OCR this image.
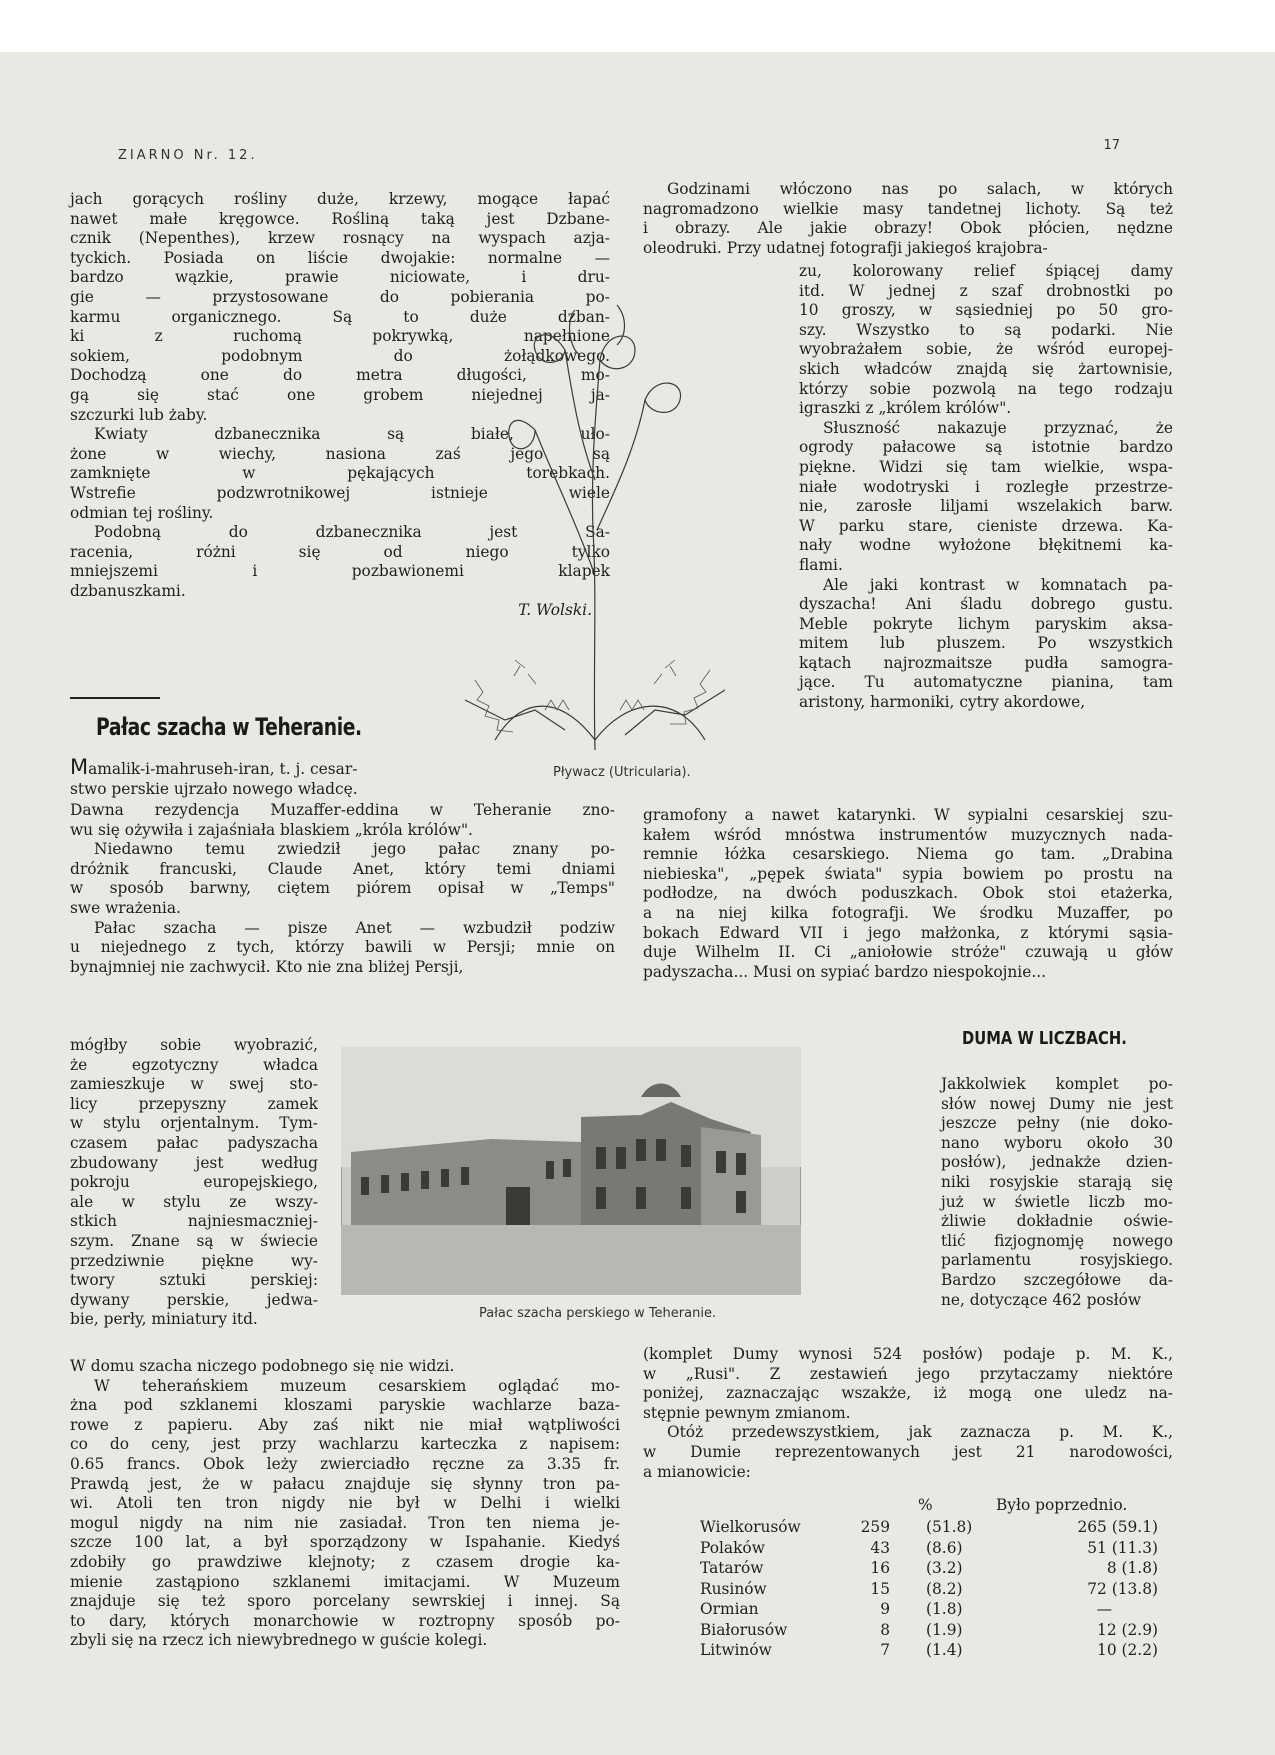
ZIARNO Nr. 12.
17

jach gorących rośliny duże, krzewy, mogące łapać

nawet małe kręgowce. Rośliną taką jest Dzbane-

cznik (Nepenthes), krzew rosnący na wyspach azja-

tyckich. Posiada on liście dwojakie: normalne —

bardzo wązkie, prawie niciowate, i dru-

gie — przystosowane do pobierania po-

karmu organicznego. Są to duże dzban-

ki z ruchomą pokrywką, napełnione

sokiem, podobnym do żołądkowego.

Dochodzą one do metra długości, mo-

gą się stać one grobem niejednej ja-

szczurki lub żaby.

Kwiaty dzbanecznika są białe, uło-

żone w wiechy, nasiona zaś jego są

zamknięte w pękających torebkach.

Wstrefie podzwrotnikowej istnieje wiele

odmian tej rośliny.

Podobną do dzbanecznika jest Sa-

racenia, różni się od niego tylko

mniejszemi i pozbawionemi klapek

dzbanuszkami.

T. Wolski.

Pływacz (Utricularia).
Pałac szacha w Teheranie.

Mamalik-i-mahruseh-iran, t. j. cesar-

stwo perskie ujrzało nowego władcę.

Dawna rezydencja Muzaffer-eddina w Teheranie zno-

wu się ożywiła i zajaśniała blaskiem „króla królów".

Niedawno temu zwiedził jego pałac znany po-

dróżnik francuski, Claude Anet, który temi dniami

w sposób barwny, ciętem piórem opisał w „Temps"

swe wrażenia.

Pałac szacha — pisze Anet — wzbudził podziw

u niejednego z tych, którzy bawili w Persji; mnie on

bynajmniej nie zachwycił. Kto nie zna bliżej Persji,

mógłby sobie wyobrazić,

że egzotyczny władca

zamieszkuje w swej sto-

licy przepyszny zamek

w stylu orjentalnym. Tym-

czasem pałac padyszacha

zbudowany jest według

pokroju europejskiego,

ale w stylu ze wszy-

stkich najniesmaczniej-

szym. Znane są w świecie

przedziwnie piękne wy-

twory sztuki perskiej:

dywany perskie, jedwa-

bie, perły, miniatury itd.	Pałac szacha perskiego w Teheranie.

W domu szacha niczego podobnego się nie widzi.

W teherańskiem muzeum cesarskiem oglądać mo-

żna pod szklanemi kloszami paryskie wachlarze baza-

rowe z papieru. Aby zaś nikt nie miał wątpliwości

co do ceny, jest przy wachlarzu karteczka z napisem:

0.65 francs. Obok leży zwierciadło ręczne za 3.35 fr.

Prawdą jest, że w pałacu znajduje się słynny tron pa-

wi. Atoli ten tron nigdy nie był w Delhi i wielki

mogul nigdy na nim nie zasiadał. Tron ten niema je-

szcze 100 lat, a był sporządzony w Ispahanie. Kiedyś

zdobiły go prawdziwe klejnoty; z czasem drogie ka-

mienie zastąpiono szklanemi imitacjami. W Muzeum

znajduje się też sporo porcelany sewrskiej i innej. Są

to dary, których monarchowie w roztropny sposób po-

zbyli się na rzecz ich niewybrednego w guście kolegi.

Godzinami włóczono nas po salach, w których

nagromadzono wielkie masy tandetnej lichoty. Są też

i obrazy. Ale jakie obrazy! Obok płócien, nędzne

oleodruki. Przy udatnej fotografji jakiegoś krajobra-

zu, kolorowany relief śpiącej damy

itd. W jednej z szaf drobnostki po

10 groszy, w sąsiedniej po 50 gro-

szy. Wszystko to są podarki. Nie

wyobrażałem sobie, że wśród europej-

skich władców znajdą się żartownisie,

którzy sobie pozwolą na tego rodzaju

igraszki z „królem królów".

Słuszność nakazuje przyznać, że

ogrody pałacowe są istotnie bardzo

piękne. Widzi się tam wielkie, wspa-

niałe wodotryski i rozległe przestrze-

nie, zarosłe liljami wszelakich barw.

W parku stare, cieniste drzewa. Ka-

nały wodne wyłożone błękitnemi ka-

flami.

Ale jaki kontrast w komnatach pa-

dyszacha! Ani śladu dobrego gustu.

Meble pokryte lichym paryskim aksa-

mitem lub pluszem. Po wszystkich

kątach najrozmaitsze pudła samogra-

jące. Tu automatyczne pianina, tam

aristony, harmoniki, cytry akordowe,

gramofony a nawet katarynki. W sypialni cesarskiej szu-

kałem wśród mnóstwa instrumentów muzycznych nada-

remnie łóżka cesarskiego. Niema go tam. „Drabina

niebieska", „pępek świata" sypia bowiem po prostu na

podłodze, na dwóch poduszkach. Obok stoi etażerka,

a na niej kilka fotografji. We środku Muzaffer, po

bokach Edward VII i jego małżonka, z którymi sąsia-

duje Wilhelm II. Ci „aniołowie stróże" czuwają u głów

padyszacha... Musi on sypiać bardzo niespokojnie...

DUMA W LICZBACH.

Jakkolwiek komplet po-

słów nowej Dumy nie jest

jeszcze pełny (nie doko-

nano wyboru około 30

posłów), jednakże dzien-

niki rosyjskie starają się

już w świetle liczb mo-

żliwie dokładnie oświe-

tlić fizjognomję nowego

parlamentu rosyjskiego.

Bardzo szczegółowe da-

ne, dotyczące 462 posłów

(komplet Dumy wynosi 524 posłów) podaje p. M. K.,

w „Rusi". Z zestawień jego przytaczamy niektóre

poniżej, zaznaczając wszakże, iż mogą one uledz na-

stępnie pewnym zmianom.

Otóż przedewszystkiem, jak zaznacza p. M. K.,

w Dumie reprezentowanych jest 21 narodowości,

a mianowicie:

%	Było poprzednio.
Wielkorusów	259 (51.8)	265 (59.1)
Polaków	43 (8.6)	51 (11.3)
Tatarów	16 (3.2)	8 (1.8)
Rusinów	15 (8.2)	72 (13.8)
Ormian	9 (1.8)	—
Białorusów	8 (1.9)	12 (2.9)
Litwinów	7 (1.4)	10 (2.2)
